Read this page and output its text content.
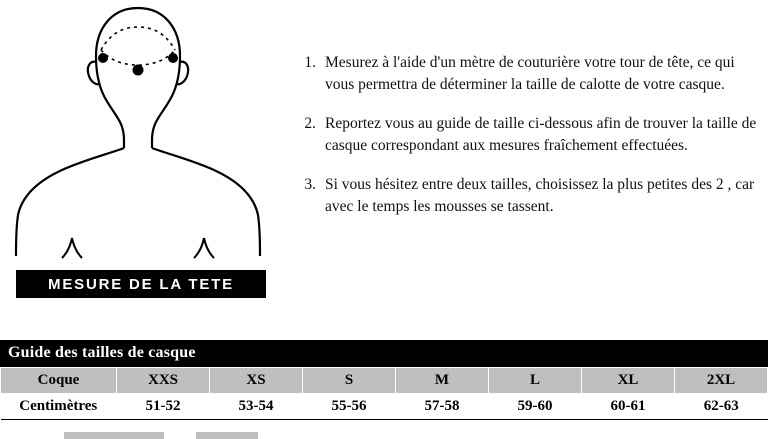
MESURE DE LA TETE
1. Mesurez à l'aide d'un mètre de couturière votre tour de tête, ce qui vous permettra de déterminer la taille de calotte de votre casque.
2. Reportez vous au guide de taille ci-dessous afin de trouver la taille de casque correspondant aux mesures fraîchement effectuées.
3. Si vous hésitez entre deux tailles, choisissez la plus petites des 2 , car avec le temps les mousses se tassent.
Guide des tailles de casque
Coque	XXS	XS	S	M	L	XL	2XL
Centimètres	51-52	53-54	55-56	57-58	59-60	60-61	62-63
